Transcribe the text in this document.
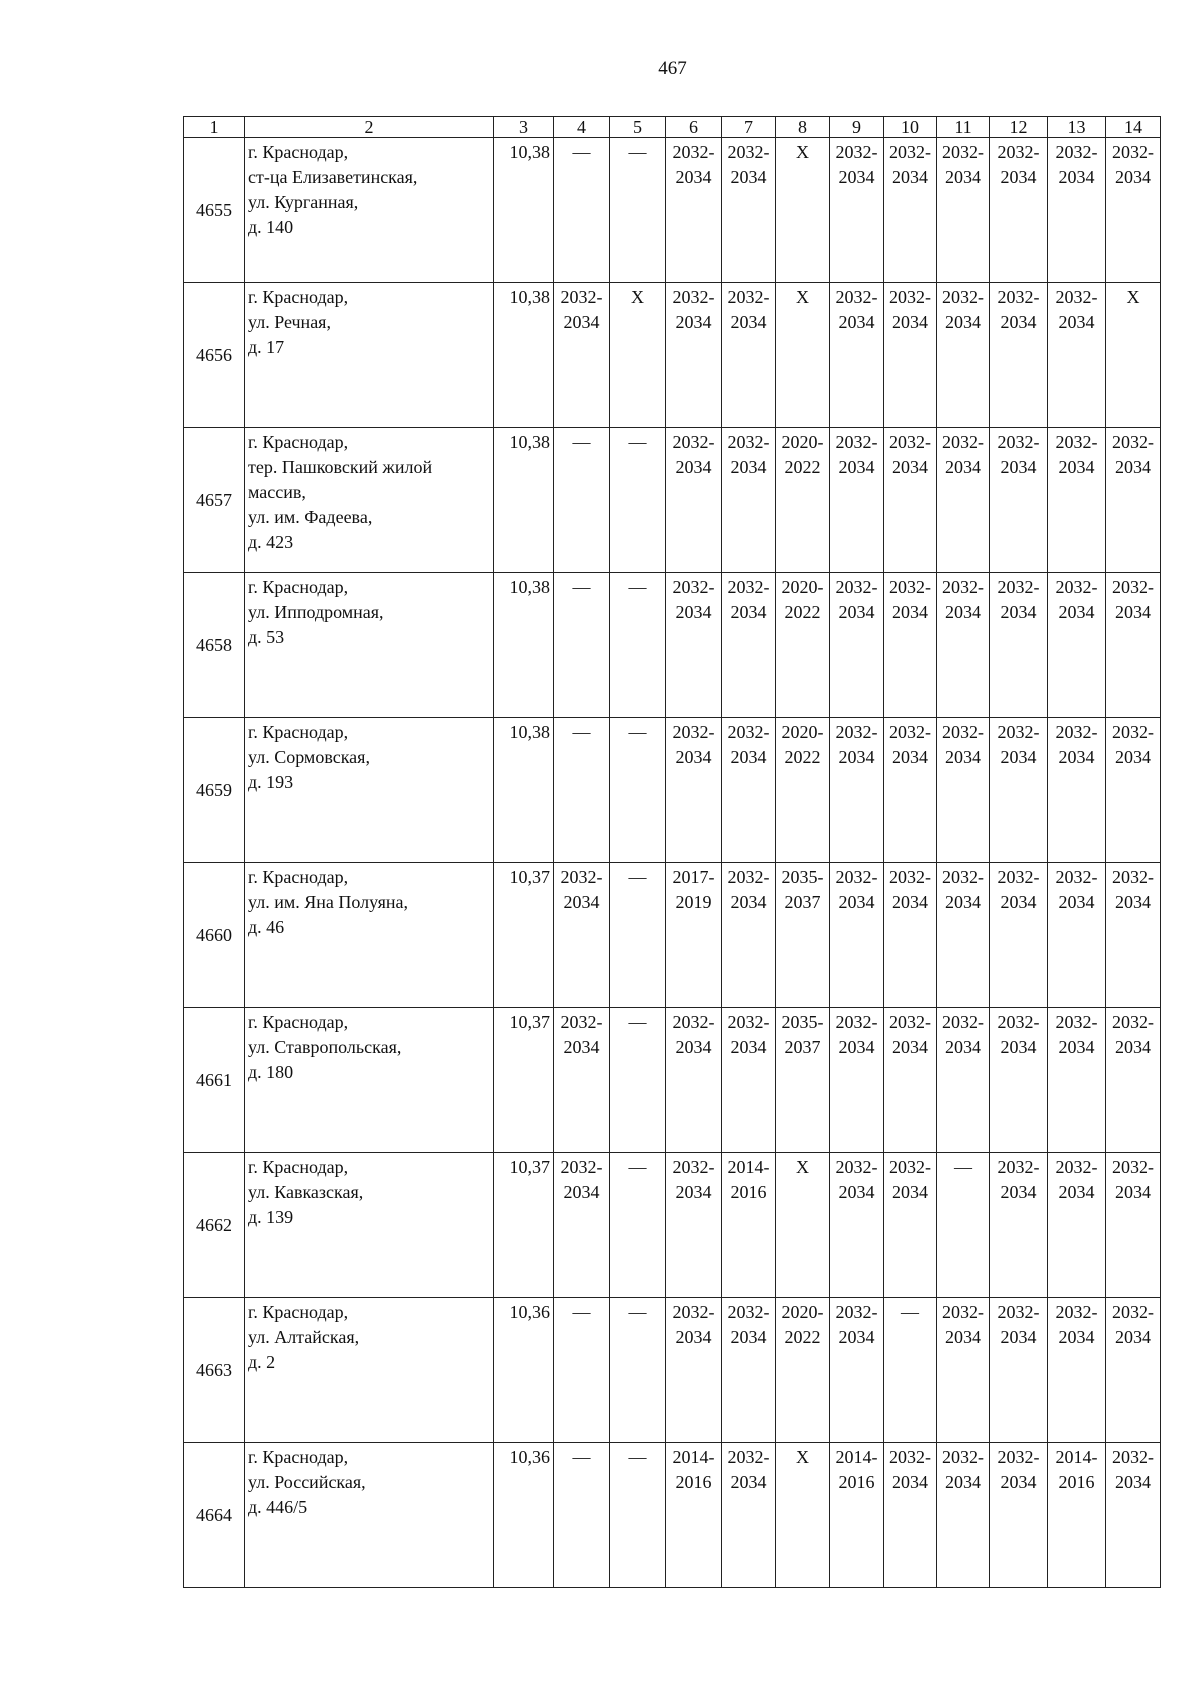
467
1	2	3	4	5	6	7	8	9	10	11	12	13	14
4655	г. Краснодар,
ст-ца Елизаветинская,
ул. Курганная,
д. 140	10,38	—	—	2032-2034	2032-2034	X	2032-2034	2032-2034	2032-2034	2032-2034	2032-2034	2032-2034
4656	г. Краснодар,
ул. Речная,
д. 17	10,38	2032-2034	X	2032-2034	2032-2034	X	2032-2034	2032-2034	2032-2034	2032-2034	2032-2034	X
4657	г. Краснодар,
тер. Пашковский жилой
массив,
ул. им. Фадеева,
д. 423	10,38	—	—	2032-2034	2032-2034	2020-2022	2032-2034	2032-2034	2032-2034	2032-2034	2032-2034	2032-2034
4658	г. Краснодар,
ул. Ипподромная,
д. 53	10,38	—	—	2032-2034	2032-2034	2020-2022	2032-2034	2032-2034	2032-2034	2032-2034	2032-2034	2032-2034
4659	г. Краснодар,
ул. Сормовская,
д. 193	10,38	—	—	2032-2034	2032-2034	2020-2022	2032-2034	2032-2034	2032-2034	2032-2034	2032-2034	2032-2034
4660	г. Краснодар,
ул. им. Яна Полуяна,
д. 46	10,37	2032-2034	—	2017-2019	2032-2034	2035-2037	2032-2034	2032-2034	2032-2034	2032-2034	2032-2034	2032-2034
4661	г. Краснодар,
ул. Ставропольская,
д. 180	10,37	2032-2034	—	2032-2034	2032-2034	2035-2037	2032-2034	2032-2034	2032-2034	2032-2034	2032-2034	2032-2034
4662	г. Краснодар,
ул. Кавказская,
д. 139	10,37	2032-2034	—	2032-2034	2014-2016	X	2032-2034	2032-2034	—	2032-2034	2032-2034	2032-2034
4663	г. Краснодар,
ул. Алтайская,
д. 2	10,36	—	—	2032-2034	2032-2034	2020-2022	2032-2034	—	2032-2034	2032-2034	2032-2034	2032-2034
4664	г. Краснодар,
ул. Российская,
д. 446/5	10,36	—	—	2014-2016	2032-2034	X	2014-2016	2032-2034	2032-2034	2032-2034	2014-2016	2032-2034
